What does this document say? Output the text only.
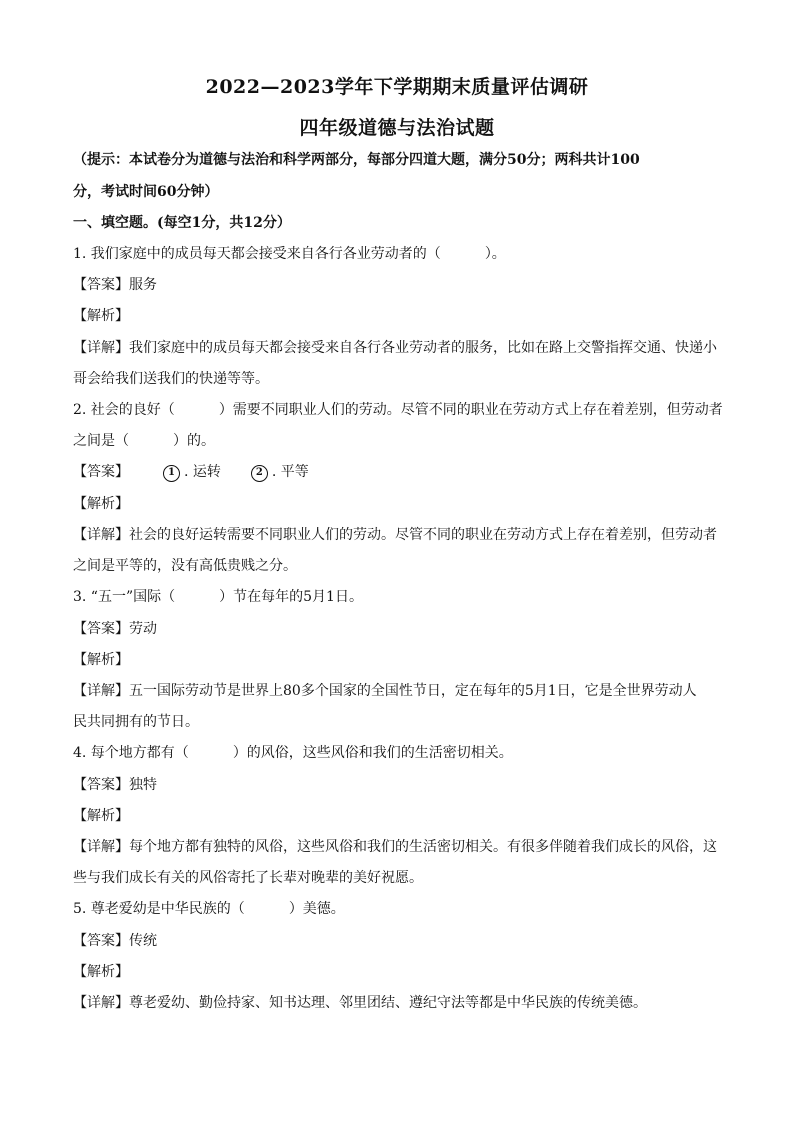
2022—2023学年下学期期末质量评估调研
四年级道德与法治试题
（提示：本试卷分为道德与法治和科学两部分，每部分四道大题，满分50分；两科共计100
分，考试时间60分钟）
一、填空题。(每空1分，共12分）
1. 我们家庭中的成员每天都会接受来自各行各业劳动者的（	）。
【答案】服务
【解析】
【详解】我们家庭中的成员每天都会接受来自各行各业劳动者的服务，比如在路上交警指挥交通、快递小
哥会给我们送我们的快递等等。
2. 社会的良好（	）需要不同职业人们的劳动。尽管不同的职业在劳动方式上存在着差别，但劳动者
之间是（	）的。
【答案】	1 . 运转	2 . 平等
【解析】
【详解】社会的良好运转需要不同职业人们的劳动。尽管不同的职业在劳动方式上存在着差别，但劳动者
之间是平等的，没有高低贵贱之分。
3. “五一”国际（	）节在每年的5月1日。
【答案】劳动
【解析】
【详解】五一国际劳动节是世界上80多个国家的全国性节日，定在每年的5月1日，它是全世界劳动人
民共同拥有的节日。
4. 每个地方都有（	）的风俗，这些风俗和我们的生活密切相关。
【答案】独特
【解析】
【详解】每个地方都有独特的风俗，这些风俗和我们的生活密切相关。有很多伴随着我们成长的风俗，这
些与我们成长有关的风俗寄托了长辈对晚辈的美好祝愿。
5. 尊老爱幼是中华民族的（	）美德。
【答案】传统
【解析】
【详解】尊老爱幼、勤俭持家、知书达理、邻里团结、遵纪守法等都是中华民族的传统美德。
